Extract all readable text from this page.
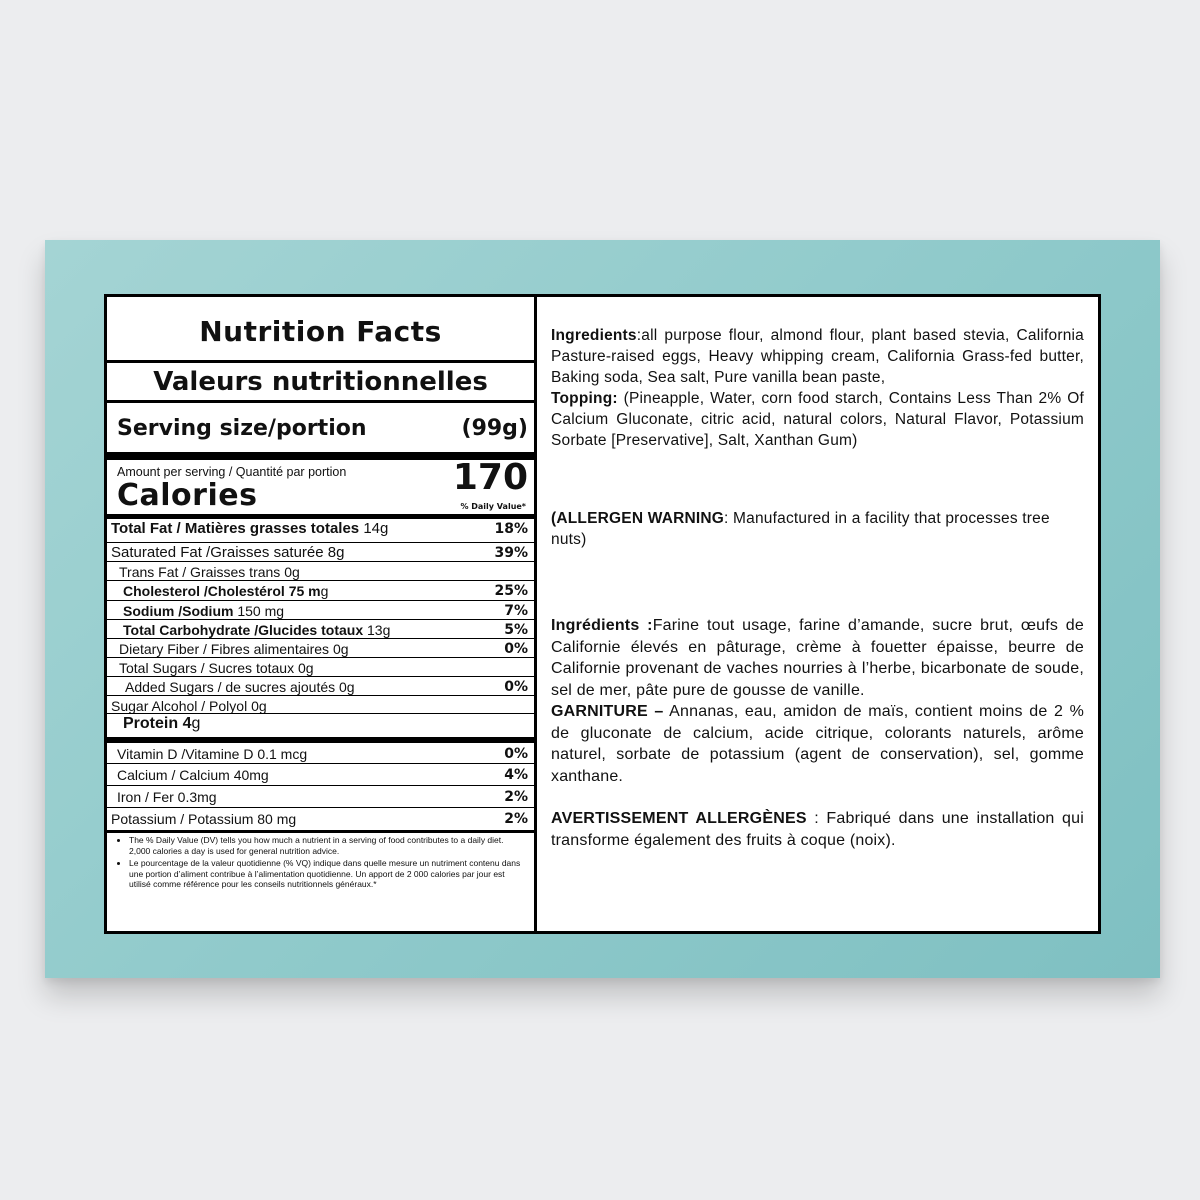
Nutrition Facts
Valeurs nutritionnelles
Serving size/portion	(99g)
Amount per serving / Quantité par portion
Calories	170
% Daily Value*
Total Fat / Matières grasses totales 14g	18%
Saturated Fat /Graisses saturée 8g	39%
Trans Fat / Graisses trans 0g
Cholesterol /Cholestérol 75 mg	25%
Sodium /Sodium 150 mg	7%
Total Carbohydrate /Glucides totaux 13g	5%
Dietary Fiber / Fibres alimentaires 0g	0%
Total Sugars / Sucres totaux 0g
Added Sugars / de sucres ajoutés 0g	0%
Sugar Alcohol / Polyol 0g
Protein 4g
Vitamin D /Vitamine D 0.1 mcg	0%
Calcium / Calcium 40mg	4%
Iron / Fer 0.3mg	2%
Potassium / Potassium 80 mg	2%
• The % Daily Value (DV) tells you how much a nutrient in a serving of food contributes to a daily diet. 2,000 calories a day is used for general nutrition advice.
• Le pourcentage de la valeur quotidienne (% VQ) indique dans quelle mesure un nutriment contenu dans une portion d’aliment contribue à l’alimentation quotidienne. Un apport de 2 000 calories par jour est utilisé comme référence pour les conseils nutritionnels généraux.*
Ingredients:all purpose flour, almond flour, plant based stevia, California Pasture-raised eggs, Heavy whipping cream, California Grass-fed butter, Baking soda, Sea salt, Pure vanilla bean paste,
Topping: (Pineapple, Water, corn food starch, Contains Less Than 2% Of Calcium Gluconate, citric acid, natural colors, Natural Flavor, Potassium Sorbate [Preservative], Salt, Xanthan Gum)
(ALLERGEN WARNING: Manufactured in a facility that processes tree nuts)
Ingrédients :Farine tout usage, farine d’amande, sucre brut, œufs de Californie élevés en pâturage, crème à fouetter épaisse, beurre de Californie provenant de vaches nourries à l’herbe, bicarbonate de soude, sel de mer, pâte pure de gousse de vanille.
GARNITURE – Annanas, eau, amidon de maïs, contient moins de 2 % de gluconate de calcium, acide citrique, colorants naturels, arôme naturel, sorbate de potassium (agent de conservation), sel, gomme xanthane.
AVERTISSEMENT ALLERGÈNES : Fabriqué dans une installation qui transforme également des fruits à coque (noix).
